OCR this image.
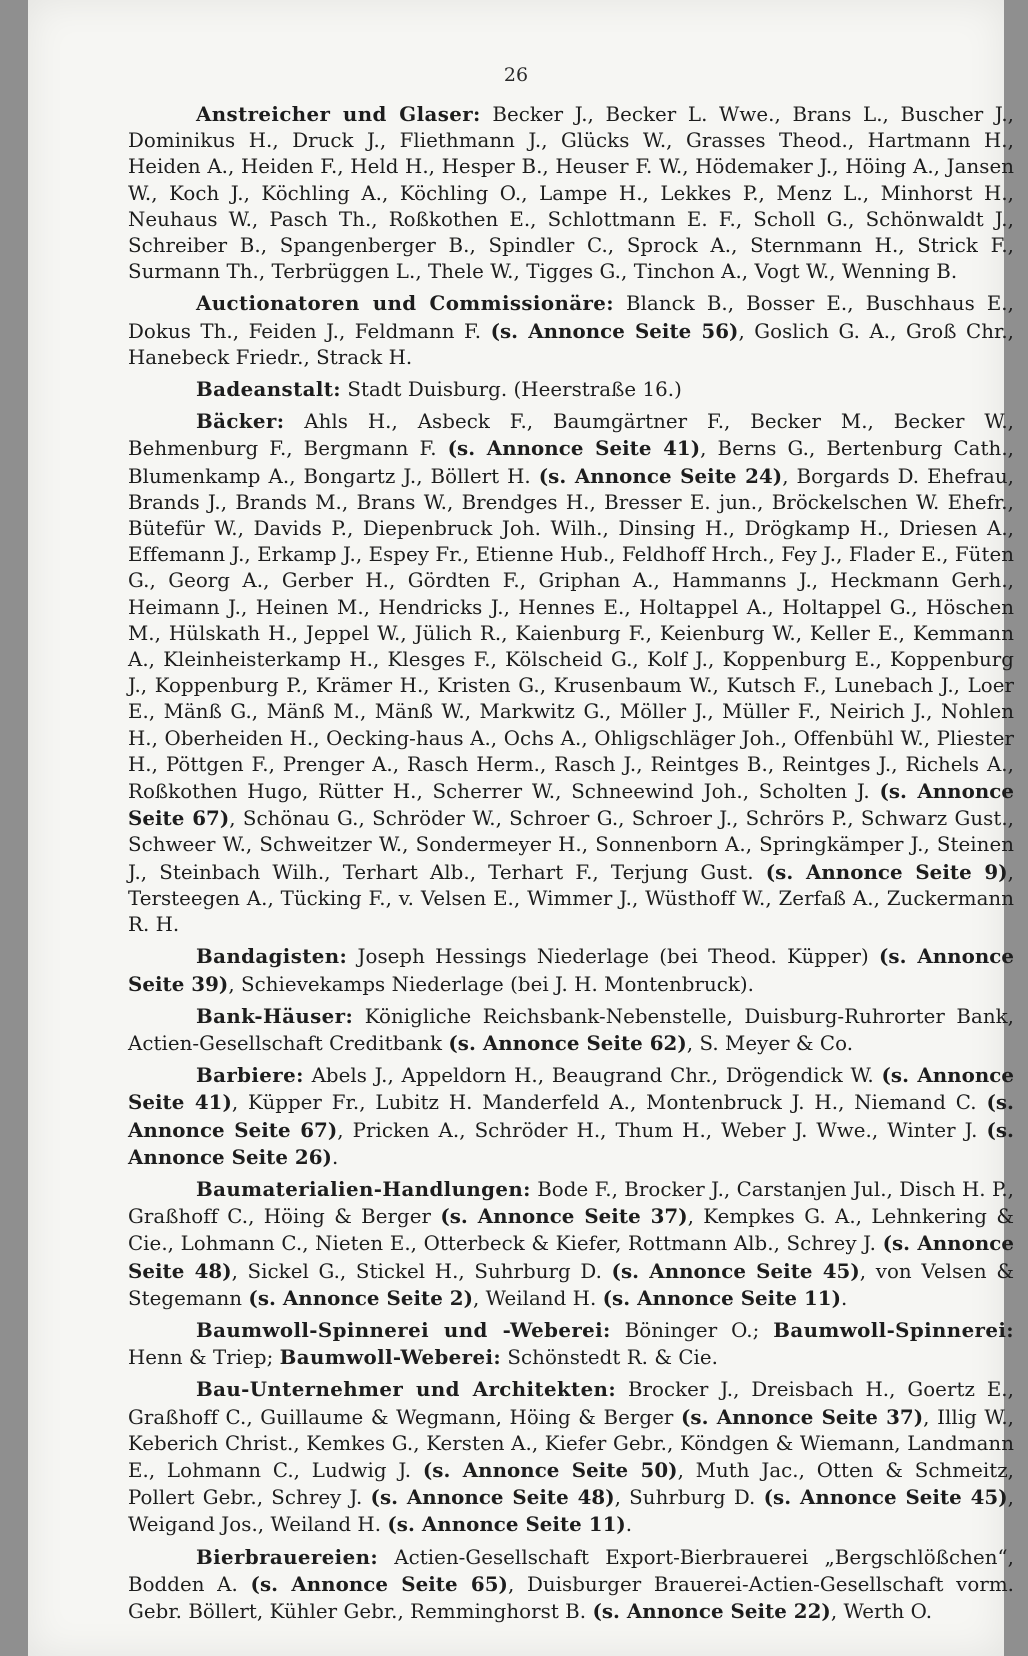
26

Anstreicher und Glaser: Becker J., Becker L. Wwe., Brans L., Buscher J., Dominikus H., Druck J., Fliethmann J., Glücks W., Grasses Theod., Hartmann H., Heiden A., Heiden F., Held H., Hesper B., Heuser F. W., Hödemaker J., Höing A., Jansen W., Koch J., Köchling A., Köchling O., Lampe H., Lekkes P., Menz L., Minhorst H., Neuhaus W., Pasch Th., Roßkothen E., Schlottmann E. F., Scholl G., Schönwaldt J., Schreiber B., Spangenberger B., Spindler C., Sprock A., Sternmann H., Strick F., Surmann Th., Terbrüggen L., Thele W., Tigges G., Tinchon A., Vogt W., Wenning B.

Auctionatoren und Commissionäre: Blanck B., Bosser E., Buschhaus E., Dokus Th., Feiden J., Feldmann F. (s. Annonce Seite 56), Goslich G. A., Groß Chr., Hanebeck Friedr., Strack H.

Badeanstalt: Stadt Duisburg. (Heerstraße 16.)

Bäcker: Ahls H., Asbeck F., Baumgärtner F., Becker M., Becker W., Behmenburg F., Bergmann F. (s. Annonce Seite 41), Berns G., Bertenburg Cath., Blumenkamp A., Bongartz J., Böllert H. (s. Annonce Seite 24), Borgards D. Ehefrau, Brands J., Brands M., Brans W., Brendges H., Bresser E. jun., Bröckelschen W. Ehefr., Bütefür W., Davids P., Diepenbruck Joh. Wilh., Dinsing H., Drögkamp H., Driesen A., Effemann J., Erkamp J., Espey Fr., Etienne Hub., Feldhoff Hrch., Fey J., Flader E., Füten G., Georg A., Gerber H., Gördten F., Griphan A., Hammanns J., Heckmann Gerh., Heimann J., Heinen M., Hendricks J., Hennes E., Holtappel A., Holtappel G., Höschen M., Hülskath H., Jeppel W., Jülich R., Kaienburg F., Keienburg W., Keller E., Kemmann A., Kleinheisterkamp H., Klesges F., Kölscheid G., Kolf J., Koppenburg E., Koppenburg J., Koppenburg P., Krämer H., Kristen G., Krusenbaum W., Kutsch F., Lunebach J., Loer E., Mänß G., Mänß M., Mänß W., Markwitz G., Möller J., Müller F., Neirich J., Nohlen H., Oberheiden H., Oecking-haus A., Ochs A., Ohligschläger Joh., Offenbühl W., Pliester H., Pöttgen F., Prenger A., Rasch Herm., Rasch J., Reintges B., Reintges J., Richels A., Roßkothen Hugo, Rütter H., Scherrer W., Schneewind Joh., Scholten J. (s. Annonce Seite 67), Schönau G., Schröder W., Schroer G., Schroer J., Schrörs P., Schwarz Gust., Schweer W., Schweitzer W., Sondermeyer H., Sonnenborn A., Springkämper J., Steinen J., Steinbach Wilh., Terhart Alb., Terhart F., Terjung Gust. (s. Annonce Seite 9), Tersteegen A., Tücking F., v. Velsen E., Wimmer J., Wüsthoff W., Zerfaß A., Zuckermann R. H.

Bandagisten: Joseph Hessings Niederlage (bei Theod. Küpper) (s. Annonce Seite 39), Schievekamps Niederlage (bei J. H. Montenbruck).

Bank-Häuser: Königliche Reichsbank-Nebenstelle, Duisburg-Ruhrorter Bank, Actien-Gesellschaft Creditbank (s. Annonce Seite 62), S. Meyer & Co.

Barbiere: Abels J., Appeldorn H., Beaugrand Chr., Drögendick W. (s. Annonce Seite 41), Küpper Fr., Lubitz H. Manderfeld A., Montenbruck J. H., Niemand C. (s. Annonce Seite 67), Pricken A., Schröder H., Thum H., Weber J. Wwe., Winter J. (s. Annonce Seite 26).

Baumaterialien-Handlungen: Bode F., Brocker J., Carstanjen Jul., Disch H. P., Graßhoff C., Höing & Berger (s. Annonce Seite 37), Kempkes G. A., Lehnkering & Cie., Lohmann C., Nieten E., Otterbeck & Kiefer, Rottmann Alb., Schrey J. (s. Annonce Seite 48), Sickel G., Stickel H., Suhrburg D. (s. Annonce Seite 45), von Velsen & Stegemann (s. Annonce Seite 2), Weiland H. (s. Annonce Seite 11).

Baumwoll-Spinnerei und -Weberei: Böninger O.; Baumwoll-Spinnerei: Henn & Triep; Baumwoll-Weberei: Schönstedt R. & Cie.

Bau-Unternehmer und Architekten: Brocker J., Dreisbach H., Goertz E., Graßhoff C., Guillaume & Wegmann, Höing & Berger (s. Annonce Seite 37), Illig W., Keberich Christ., Kemkes G., Kersten A., Kiefer Gebr., Köndgen & Wiemann, Landmann E., Lohmann C., Ludwig J. (s. Annonce Seite 50), Muth Jac., Otten & Schmeitz, Pollert Gebr., Schrey J. (s. Annonce Seite 48), Suhrburg D. (s. Annonce Seite 45), Weigand Jos., Weiland H. (s. Annonce Seite 11).

Bierbrauereien: Actien-Gesellschaft Export-Bierbrauerei „Bergschlößchen“, Bodden A. (s. Annonce Seite 65), Duisburger Brauerei-Actien-Gesellschaft vorm. Gebr. Böllert, Kühler Gebr., Remminghorst B. (s. Annonce Seite 22), Werth O.
